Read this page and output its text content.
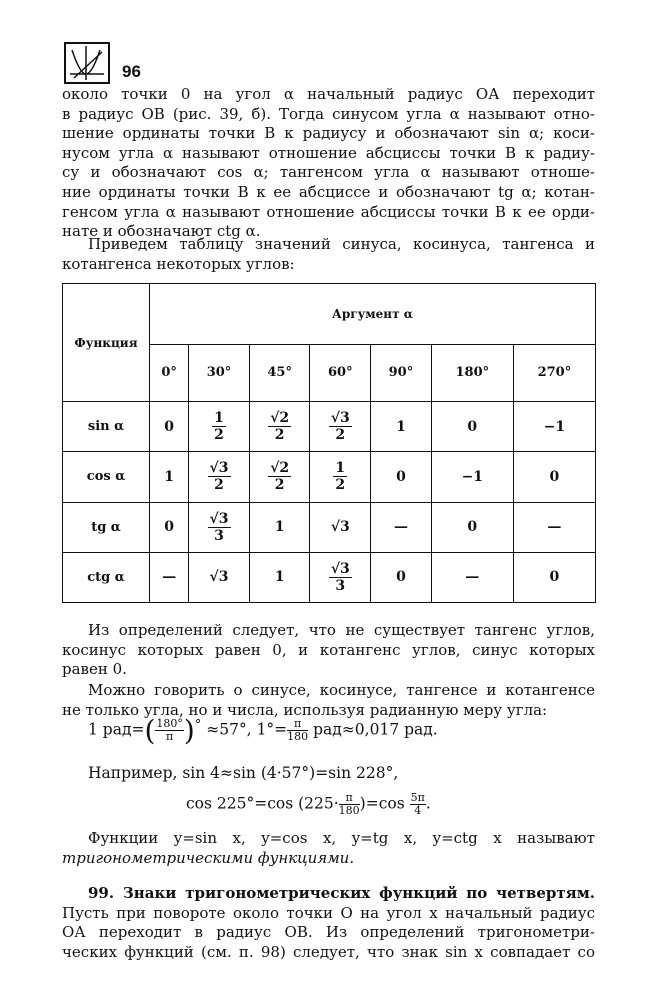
96
около точки 0 на угол α начальный радиус ОА переходит
в радиус ОВ (рис. 39, б). Тогда синусом угла α называют отно-
шение ординаты точки В к радиусу и обозначают sin α; коси-
нусом угла α называют отношение абсциссы точки В к радиу-
су и обозначают cos α; тангенсом угла α называют отноше-
ние ординаты точки В к ее абсциссе и обозначают tg α; котан-
генсом угла α называют отношение абсциссы точки В к ее орди-
нате и обозначают ctg α.
Приведем таблицу значений синуса, косинуса, тангенса и
котангенса некоторых углов:
Функция	Аргумент α						
	0°	30°	45°	60°	90°	180°	270°
sin α	0	$\frac{1}{2}$	$\frac{√2}{2}$	$\frac{√3}{2}$	1	0	−1
cos α	1	$\frac{√3}{2}$	$\frac{√2}{2}$	$\frac{1}{2}$	0	−1	0
tg α	0	$\frac{√3}{3}$	1	√3	—	0	—
ctg α	—	√3	1	$\frac{√3}{3}$	0	—	0
Из определений следует, что не существует тангенс углов,
косинус которых равен 0, и котангенс углов, синус которых
равен 0.
Можно говорить о синусе, косинусе, тангенсе и котангенсе
не только угла, но и числа, используя радианную меру угла:
1 $рад=( \frac{180^\circ}{\pi} )^\circ \approx 57^\circ$, $1^\circ= \frac{\pi}{180} рад\approx 0,017$ рад.
Например, sin 4≈sin (4·57°)=sin 228°,
cos 225°=cos $(225\cdot \frac{\pi}{180} )=\cos \frac{5\pi}{4}$ .
Функции y=sin x, y=cos x, y=tg x, y=ctg x называют
тригонометрическими функциями.
99. Знаки тригонометрических функций по четвертям.
Пусть при повороте около точки О на угол x начальный радиус
ОА переходит в радиус ОВ. Из определений тригонометри-
ческих функций (см. п. 98) следует, что знак sin x совпадает со
